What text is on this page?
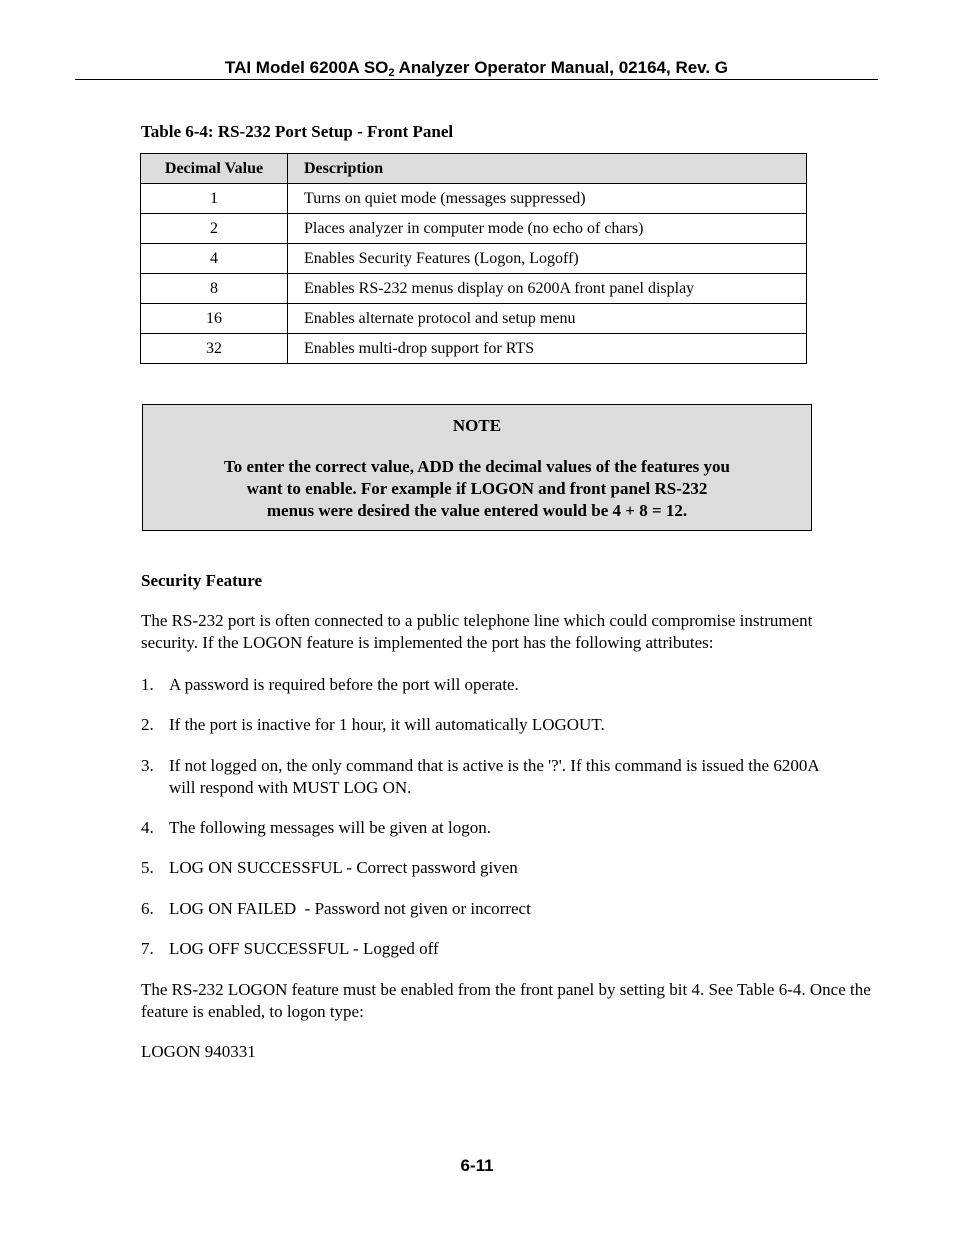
TAI Model 6200A $SO_2$ Analyzer Operator Manual, 02164, Rev. G
Table 6-4: RS-232 Port Setup - Front Panel
Decimal Value	Description
1	Turns on quiet mode (messages suppressed)
2	Places analyzer in computer mode (no echo of chars)
4	Enables Security Features (Logon, Logoff)
8	Enables RS-232 menus display on 6200A front panel display
16	Enables alternate protocol and setup menu
32	Enables multi-drop support for RTS
NOTE
To enter the correct value, ADD the decimal values of the features you
want to enable. For example if LOGON and front panel RS-232
menus were desired the value entered would be 4 + 8 = 12.
Security Feature
The RS-232 port is often connected to a public telephone line which could compromise instrument security. If the LOGON feature is implemented the port has the following attributes:
1. A password is required before the port will operate.
2. If the port is inactive for 1 hour, it will automatically LOGOUT.
3. If not logged on, the only command that is active is the '?'. If this command is issued the 6200A will respond with MUST LOG ON.
4. The following messages will be given at logon.
5. LOG ON SUCCESSFUL - Correct password given
6. LOG ON FAILED  - Password not given or incorrect
7. LOG OFF SUCCESSFUL - Logged off
The RS-232 LOGON feature must be enabled from the front panel by setting bit 4. See Table 6-4. Once the feature is enabled, to logon type:
LOGON 940331
6-11
